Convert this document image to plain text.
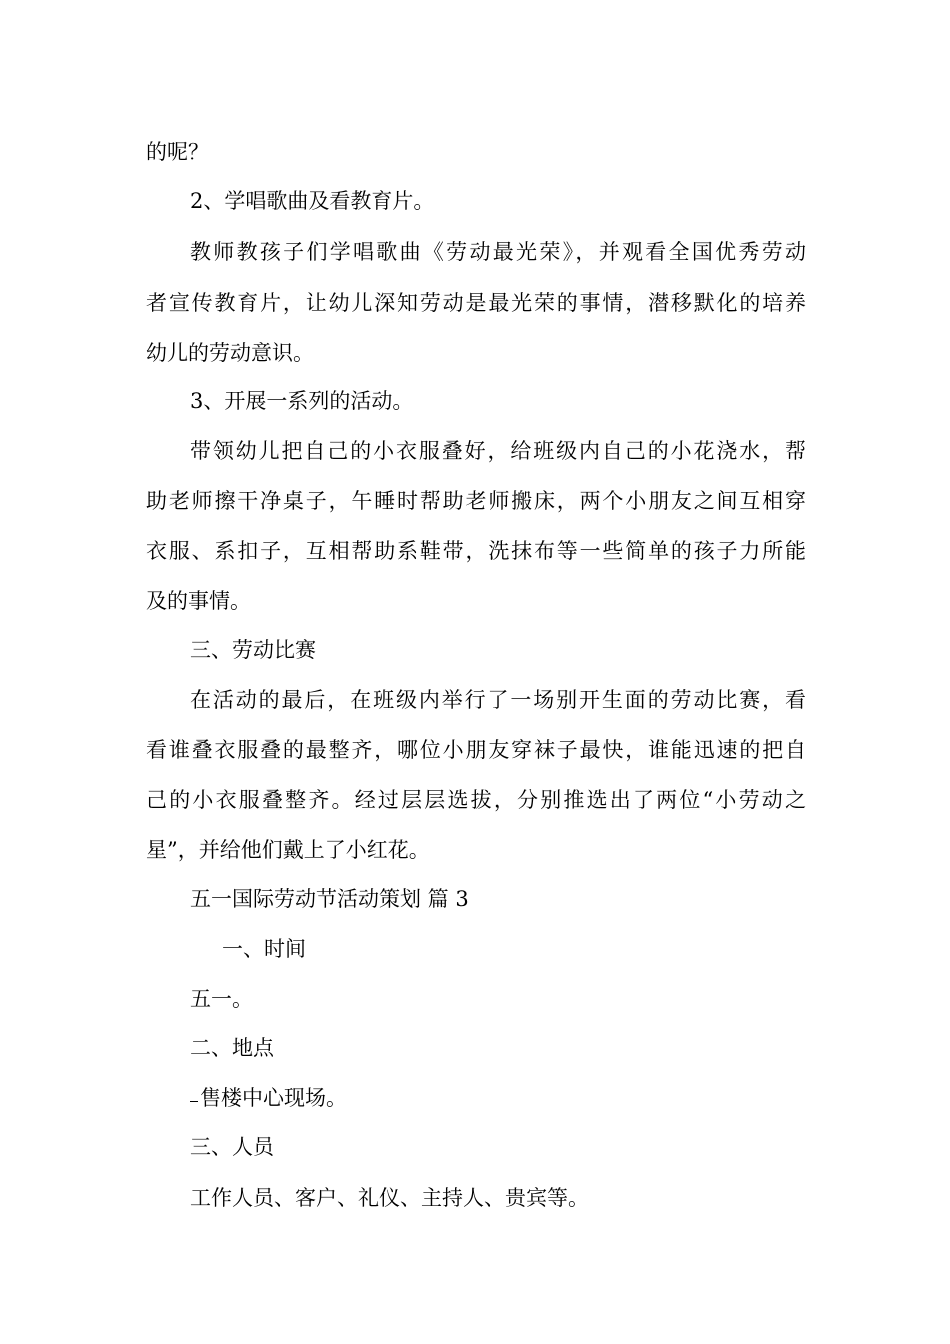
的呢？
2、学唱歌曲及看教育片。
教师教孩子们学唱歌曲《劳动最光荣》，并观看全国优秀劳动
者宣传教育片，让幼儿深知劳动是最光荣的事情，潜移默化的培养
幼儿的劳动意识。
3、开展一系列的活动。
带领幼儿把自己的小衣服叠好，给班级内自己的小花浇水，帮
助老师擦干净桌子，午睡时帮助老师搬床，两个小朋友之间互相穿
衣服、系扣子，互相帮助系鞋带，洗抹布等一些简单的孩子力所能
及的事情。
三、劳动比赛
在活动的最后，在班级内举行了一场别开生面的劳动比赛，看
看谁叠衣服叠的最整齐，哪位小朋友穿袜子最快，谁能迅速的把自
己的小衣服叠整齐。经过层层选拔，分别推选出了两位“小劳动之
星”，并给他们戴上了小红花。
五一国际劳动节活动策划 篇 3
一、时间
五一。
二、地点
售楼中心现场。
三、人员
工作人员、客户、礼仪、主持人、贵宾等。
